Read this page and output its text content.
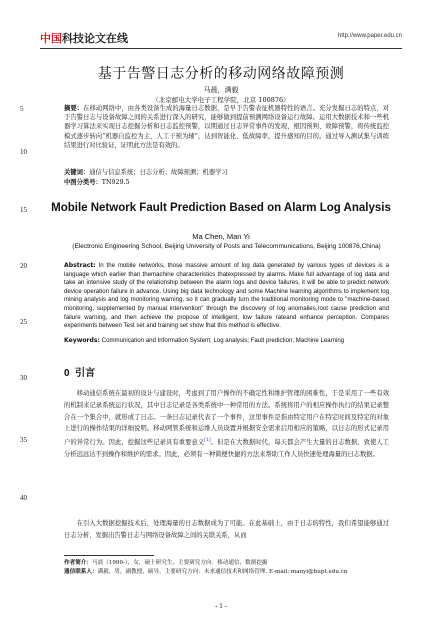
中国科技论文在线	http://www.paper.edu.cn
基于告警日志分析的移动网络故障预测
马晨，满毅
（北京邮电大学电子工程学院，北京 100876）
摘要：在移动网络中，由各类设备生成的海量日志数据，是早于告警表征机器特性的语言。充分发掘日志的特点，对于告警日志与设备故障之间的关系进行深入的研究，能够做到提前预测网络设备运行故障。运用大数据技术和一些机器学习算法来实现日志挖掘分析和日志监控预警，以期通过日志异常事件的发现、根因预判、故障预警，将传统监控模式逐步转向“机器自监控为主，人工干预为辅”，达到智能化、低故障率，提升感知的目的。通过导入测试集与训练结果进行对比验证，证明此方法是有效的。
关键词：通信与信息系统；日志分析；故障预测；机器学习
中图分类号：TN929.5
Mobile Network Fault Prediction Based on Alarm Log Analysis
Ma Chen, Man Yi
(Electronic Engineering School, Beijing University of Posts and Telecommunications, Beijing 100876,China)
Abstract: In the mobile networks, those massive amount of log data generated by various types of devices is a language which earlier than themachine characteristics thatexpressed by alarms. Make full advantage of log data and take an intensive study of the relationship between the alarm logs and device failures, it will be able to predict network device operation failure in advance. Using big data technology and some Machine learning algorithms to implement log mining analysis and log monitoring warning, so it can gradually turn the traditional monitoring mode to "machine-based monitoring, supplemented by manual intervention" through the discovery of log anomalies,root cause prediction and failure warning, and then achieve the propose of intelligent, low failure rateand enhance perception. Compares experiments between Test set and training set show that this method is effective.
Keywords: Communication and Information System; Log analysis; Fault prediction; Machine Learning
0 引言
移动通信系统在最初的设计与建设时，考虑到了用户操作的不确定性和维护管理的困难性，于是采用了一些有效的机制来记录系统运行状况，其中日志记录是各类系统中一种常用的方法。系统将用户的相应操作执行的结果记录整合在一个集合中，就形成了日志。一条日志记录代表了一个事件，这里事件是指由特定用户在特定时间及特定的对象上进行的操作结果的详细说明。移动网管系统和运维人员设置并根据安全需求启用相应的策略，以日志的形式记录用户的异常行为。因此，挖掘这些记录具有重要意义[1]。但是在大数据时代，每天都会产生大量的日志数据，致使人工分析远远达不到操作和维护的需求。因此，必须有一种简便快捷的方法来帮助工作人员快速处理海量的日志数据。
在引入大数据挖掘技术后，处理海量的日志数据成为了可能。在此基础上，由于日志的特性，我们希望能够通过日志分析，发掘出告警日志与网络设备故障之间的关联关系，从而
作者简介：马晨（1990-），女，硕士研究生，主要研究方向：移动通信，数据挖掘
通信联系人：满毅，男，副教授，硕导，主要研究方向：未来通信技术和网络管理. E-mail: manyi@bupt.edu.cn
5
10
15
20
25
30
35
40
- 1 -
